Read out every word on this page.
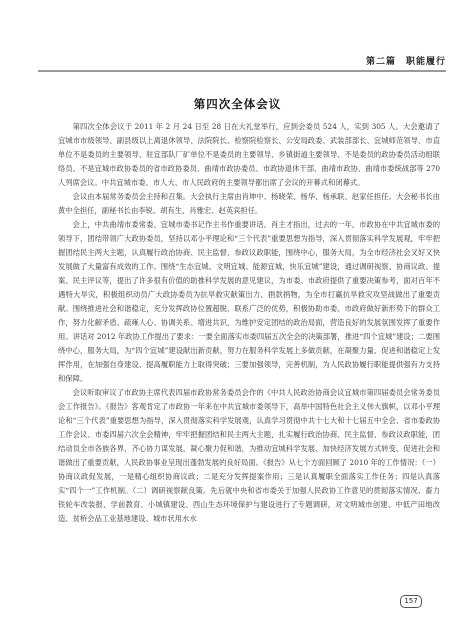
第二篇　职能履行
第四次全体会议

第四次全体会议于 2011 年 2 月 24 日至 28 日在大礼堂举行，应到会委员 524 人，实到 305 人。大会邀请了宜城市市级领导、副县级以上离退休领导、法院院长、检察院检察长、公安局政委、武装部部长、宜城师范领导、市直单位不是委员的主要领导、驻宜部队厂矿单位不是委员的主要领导、乡镇街道主要领导、不是委员的政协委员活动组联络员、不是宜城市政协委员的省市政协委员、曲靖市政协委员、市政协退休干部、曲靖市政协、曲靖市委统战部等 270 人列席会议。中共宜城市委、市人大、市人民政府的主要领导都出席了会议的开幕式和闭幕式。

会议由本届常务委员会主持和召集。大会执行主席由肖坤中、杨晓荣、杨华、杨承联、赵家任担任。大会秘书长由黄中全担任，副秘书长由李锐、胡有生、肖雅宏、赵英宾担任。

会上，中共曲靖市委常委、宜城市委书记作主书作重要讲话。肖主才指出，过去的一年，市政协在中共宜城市委的领导下，团结带领广大政协委员，坚持以邓小平理论和“三个代表”重要思想为指导，深入贯彻落实科学发展观，牢牢把握团结民主两大主题，认真履行政治协商、民主监督、参政议政职能，围绕中心，服务大局，为全市经济社会又好又快发展做了大量富有成效的工作。围绕“生态宜城、文明宜城、能源宜城、快乐宜城”建设，通过调研视察、协商议政、提案、民主评议等，提出了许多很有价值的助推科学发展的意见建议，为市委、市政府提供了重要决策参考，面对百年不遇特大旱灾，积极组织动员广大政协委员为抗旱救灾献策出力、捐款捐物，为全市打赢抗旱救灾攻坚战做出了重要贡献。围绕推进社会和谐稳定，充分发挥政协位置超脱、联系广泛的优势，积极协助市委、市政府做好新形势下的群众工作，努力化解矛盾、疏雍人心、协调关系、增进共识，为维护安定团结的政治局面，营造良好的发展氛围发挥了重要作用。讲话对 2012 年政协工作提出了要求：一要全面落实市委四届五次全会的决策部署，推进“四个宜城”建设；二要围绕中心，服务大局，为“四个宜城”建设献出新贡献，努力在服务科学发展上多做贡献，在凝聚力量、促进和谐稳定上发挥作用，在加强自身建设、提高履职能力上取得突破；三要加强领导，完善机制，为人民政协履行职能提供强有力支持和保障。

会议听取审议了市政协主席代表四届市政协常务委员会作的《中共人民政治协商会议宜城市第四届委员会常务委员会工作报告》。《报告》客观肯定了市政协一年来在中共宜城市委领导下，高举中国特色社会主义伟大旗帜，以邓小平理论和“三个代表”重要思想为指导，深入贯彻落实科学发展观，认真学习贯彻中共十七大和十七届五中全会、省市委政协工作会议、市委四届六次全会精神，牢牢把握团结和民主两大主题，扎实履行政治协商、民主监督、参政议政职能，团结动员全市各族各界，齐心协力谋发展，凝心聚力促和谐，为推动宜城科学发展、加快经济发展方式转变、促进社会和谐做出了重要贡献，人民政协事业呈现出蓬勃发展的良好局面。《报告》从七个方面回顾了 2010 年的工作情况：（一）协商议政促发展，一是精心组织协商议政；二是充分发挥提案作用；三是认真履职全面落实工作任务；四是认真落实“四个一”工作机制。（二）调研视察献良策。先后就中央和省市委关于加强人民政协工作意见的贯彻落实情况、畜力铁轮车改装报、学前教育、小城镇建设、西山生态环境保护与建设进行了专题调研，对文明城市创建、中低产田地改造、贫桥会品工业基地建设、城市状用水水

157
